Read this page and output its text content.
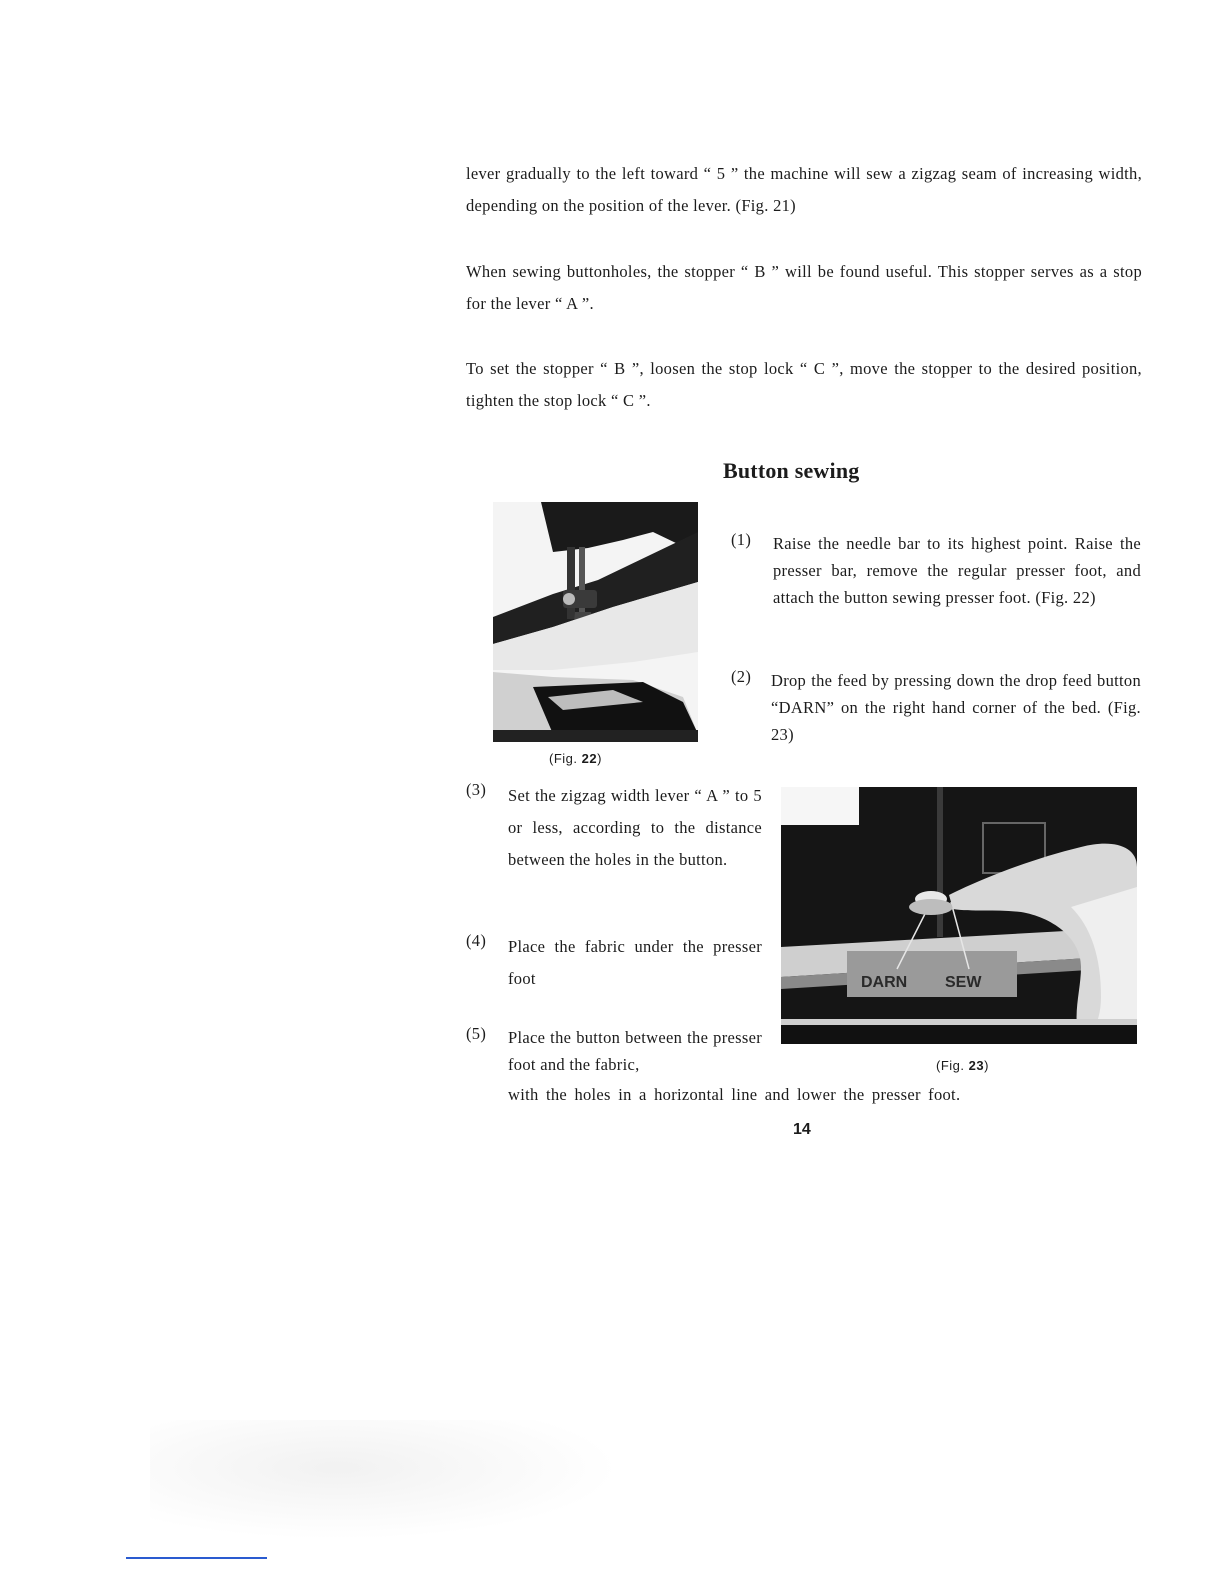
lever gradually to the left toward “ 5 ” the machine will sew a zigzag seam of increasing width, depending on the position of the lever. (Fig. 21)

When sewing buttonholes, the stopper “ B ” will be found useful. This stopper serves as a stop for the lever “ A ”.

To set the stopper “ B ”, loosen the stop lock “ C ”, move the stopper to the desired position, tighten the stop lock “ C ”.

Button sewing
(Fig. 22)
(1) Raise the needle bar to its highest point. Raise the presser bar, remove the regular presser foot, and attach the button sewing presser foot. (Fig. 22)
(2) Drop the feed by pressing down the drop feed button “DARN” on the right hand corner of the bed. (Fig. 23)
DARN SEW
(Fig. 23)
(3) Set the zigzag width lever “ A ” to 5 or less, according to the distance between the holes in the button.
(4) Place the fabric under the presser foot
(5) Place the button between the presser foot and the fabric,
with the holes in a horizontal line and lower the presser foot.
14
